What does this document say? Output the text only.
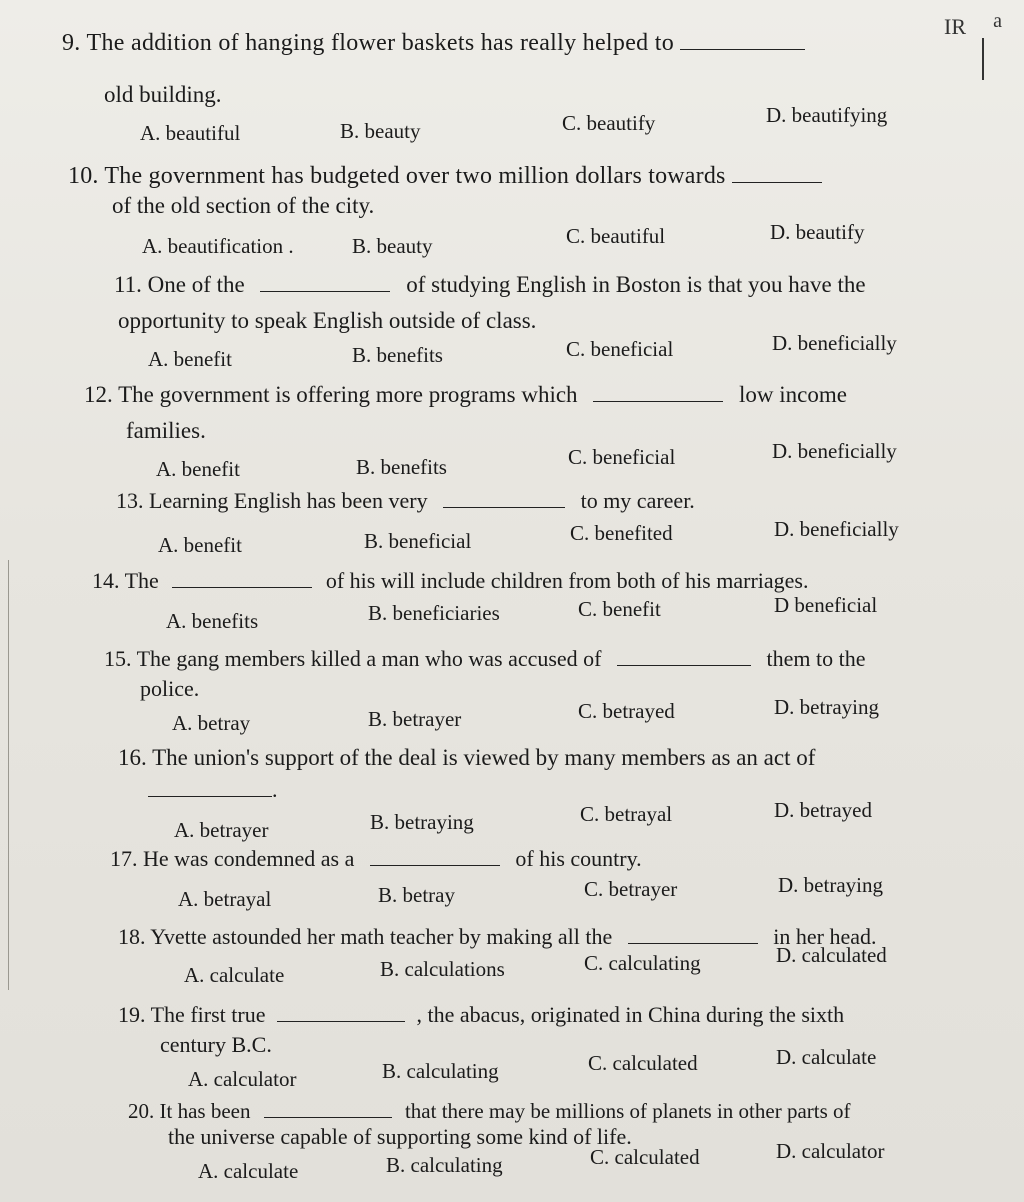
IR a
9. The addition of hanging flower baskets has really helped to
old building.
A. beautiful	B. beauty	C. beautify	D. beautifying
10. The government has budgeted over two million dollars towards
of the old section of the city.
A. beautification .	B. beauty	C. beautiful	D. beautify
11. One of the	of studying English in Boston is that you have the
opportunity to speak English outside of class.
A. benefit	B. benefits	C. beneficial	D. beneficially
12. The government is offering more programs which	low income
families.
A. benefit	B. benefits	C. beneficial	D. beneficially
13. Learning English has been very	to my career.
A. benefit	B. beneficial	C. benefited	D. beneficially
14. The	of his will include children from both of his marriages.
A. benefits	B. beneficiaries	C. benefit	D beneficial
15. The gang members killed a man who was accused of	them to the
police.
A. betray	B. betrayer	C. betrayed	D. betraying
16. The union's support of the deal is viewed by many members as an act of
.
A. betrayer	B. betraying	C. betrayal	D. betrayed
17. He was condemned as a	of his country.
A. betrayal	B. betray	C. betrayer	D. betraying
18. Yvette astounded her math teacher by making all the	in her head.
A. calculate	B. calculations	C. calculating	D. calculated
19. The first true	, the abacus, originated in China during the sixth
century B.C.
A. calculator	B. calculating	C. calculated	D. calculate
20. It has been	that there may be millions of planets in other parts of
the universe capable of supporting some kind of life.
A. calculate	B. calculating	C. calculated	D. calculator
